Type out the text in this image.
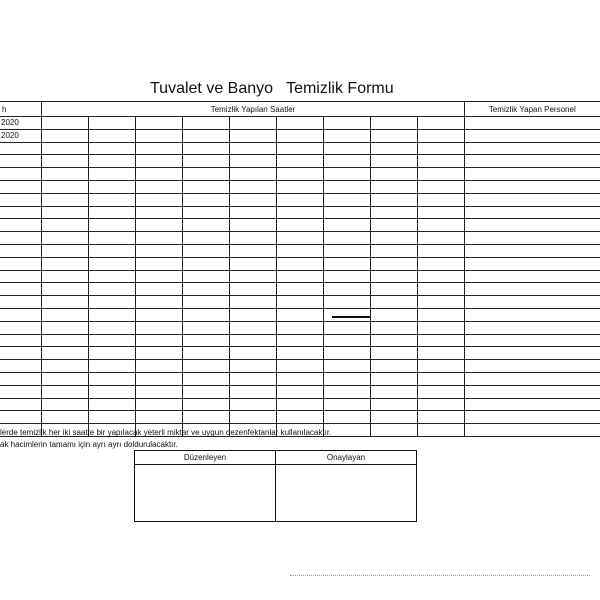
Tuvalet ve Banyo   Temizlik Formu
h	Temizlik Yapılan Saatler									Temizlik Yapan Personel
2020										
2020										

lerde temizlik her iki saatte bir yapılacak yeterli miktar ve uygun dezenfektanlar kullanılacaktır.
ak hacimlerin tamamı için ayrı ayrı doldurulacaktır.
Düzenleyen	Onaylayan
